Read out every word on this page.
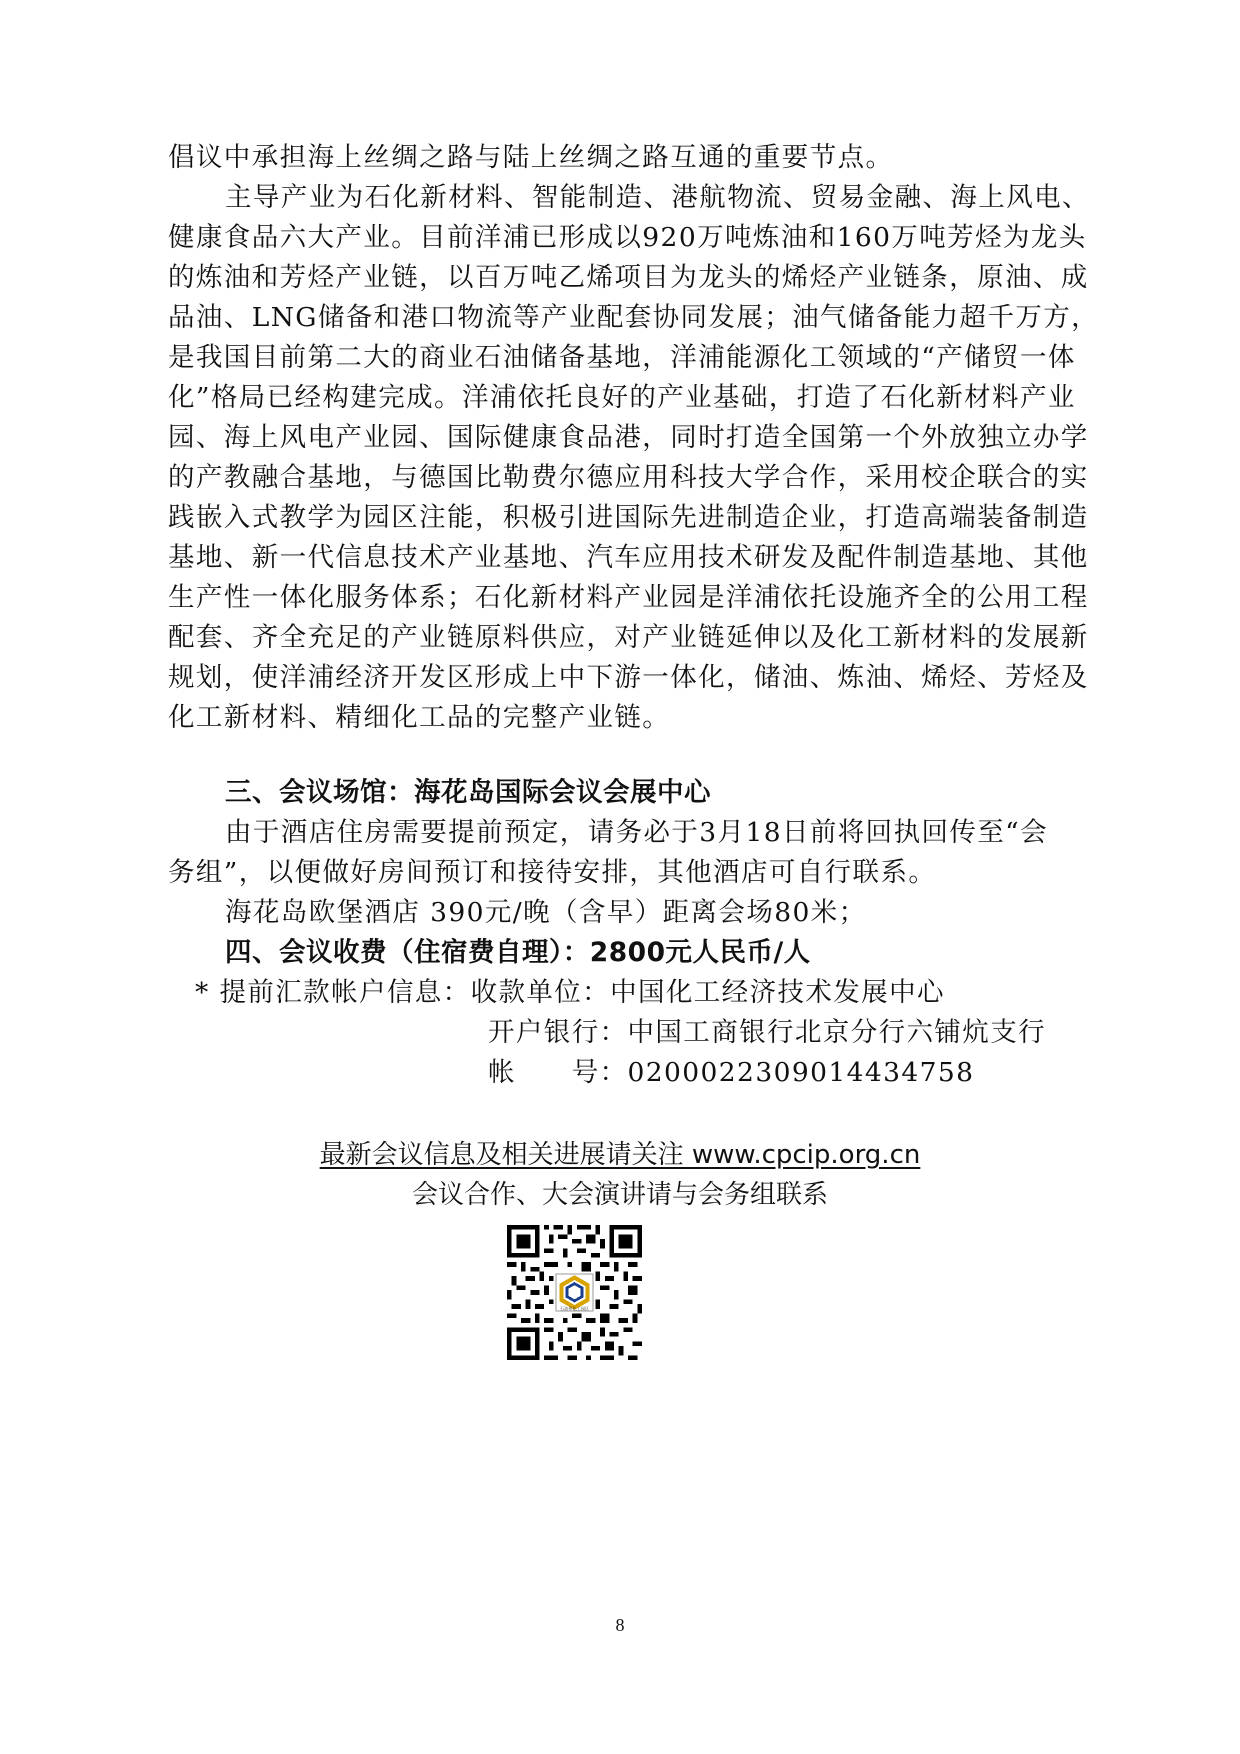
倡议中承担海上丝绸之路与陆上丝绸之路互通的重要节点。
主导产业为石化新材料、智能制造、港航物流、贸易金融、海上风电、
健康食品六大产业。目前洋浦已形成以920万吨炼油和160万吨芳烃为龙头
的炼油和芳烃产业链，以百万吨乙烯项目为龙头的烯烃产业链条，原油、成
品油、LNG储备和港口物流等产业配套协同发展；油气储备能力超千万方，
是我国目前第二大的商业石油储备基地，洋浦能源化工领域的“产储贸一体
化”格局已经构建完成。洋浦依托良好的产业基础，打造了石化新材料产业
园、海上风电产业园、国际健康食品港，同时打造全国第一个外放独立办学
的产教融合基地，与德国比勒费尔德应用科技大学合作，采用校企联合的实
践嵌入式教学为园区注能，积极引进国际先进制造企业，打造高端装备制造
基地、新一代信息技术产业基地、汽车应用技术研发及配件制造基地、其他
生产性一体化服务体系；石化新材料产业园是洋浦依托设施齐全的公用工程
配套、齐全充足的产业链原料供应，对产业链延伸以及化工新材料的发展新
规划，使洋浦经济开发区形成上中下游一体化，储油、炼油、烯烃、芳烃及
化工新材料、精细化工品的完整产业链。
三、会议场馆：海花岛国际会议会展中心
由于酒店住房需要提前预定，请务必于3月18日前将回执回传至“会
务组”，以便做好房间预订和接待安排，其他酒店可自行联系。
海花岛欧堡酒店 390元/晚（含早）距离会场80米；
四、会议收费（住宿费自理）：2800元人民币/人
* 提前汇款帐户信息：收款单位：中国化工经济技术发展中心
开户银行：中国工商银行北京分行六铺炕支行
帐　　号：0200022309014434758
最新会议信息及相关进展请关注 www.cpcip.org.cn
会议合作、大会演讲请与会务组联系
8
